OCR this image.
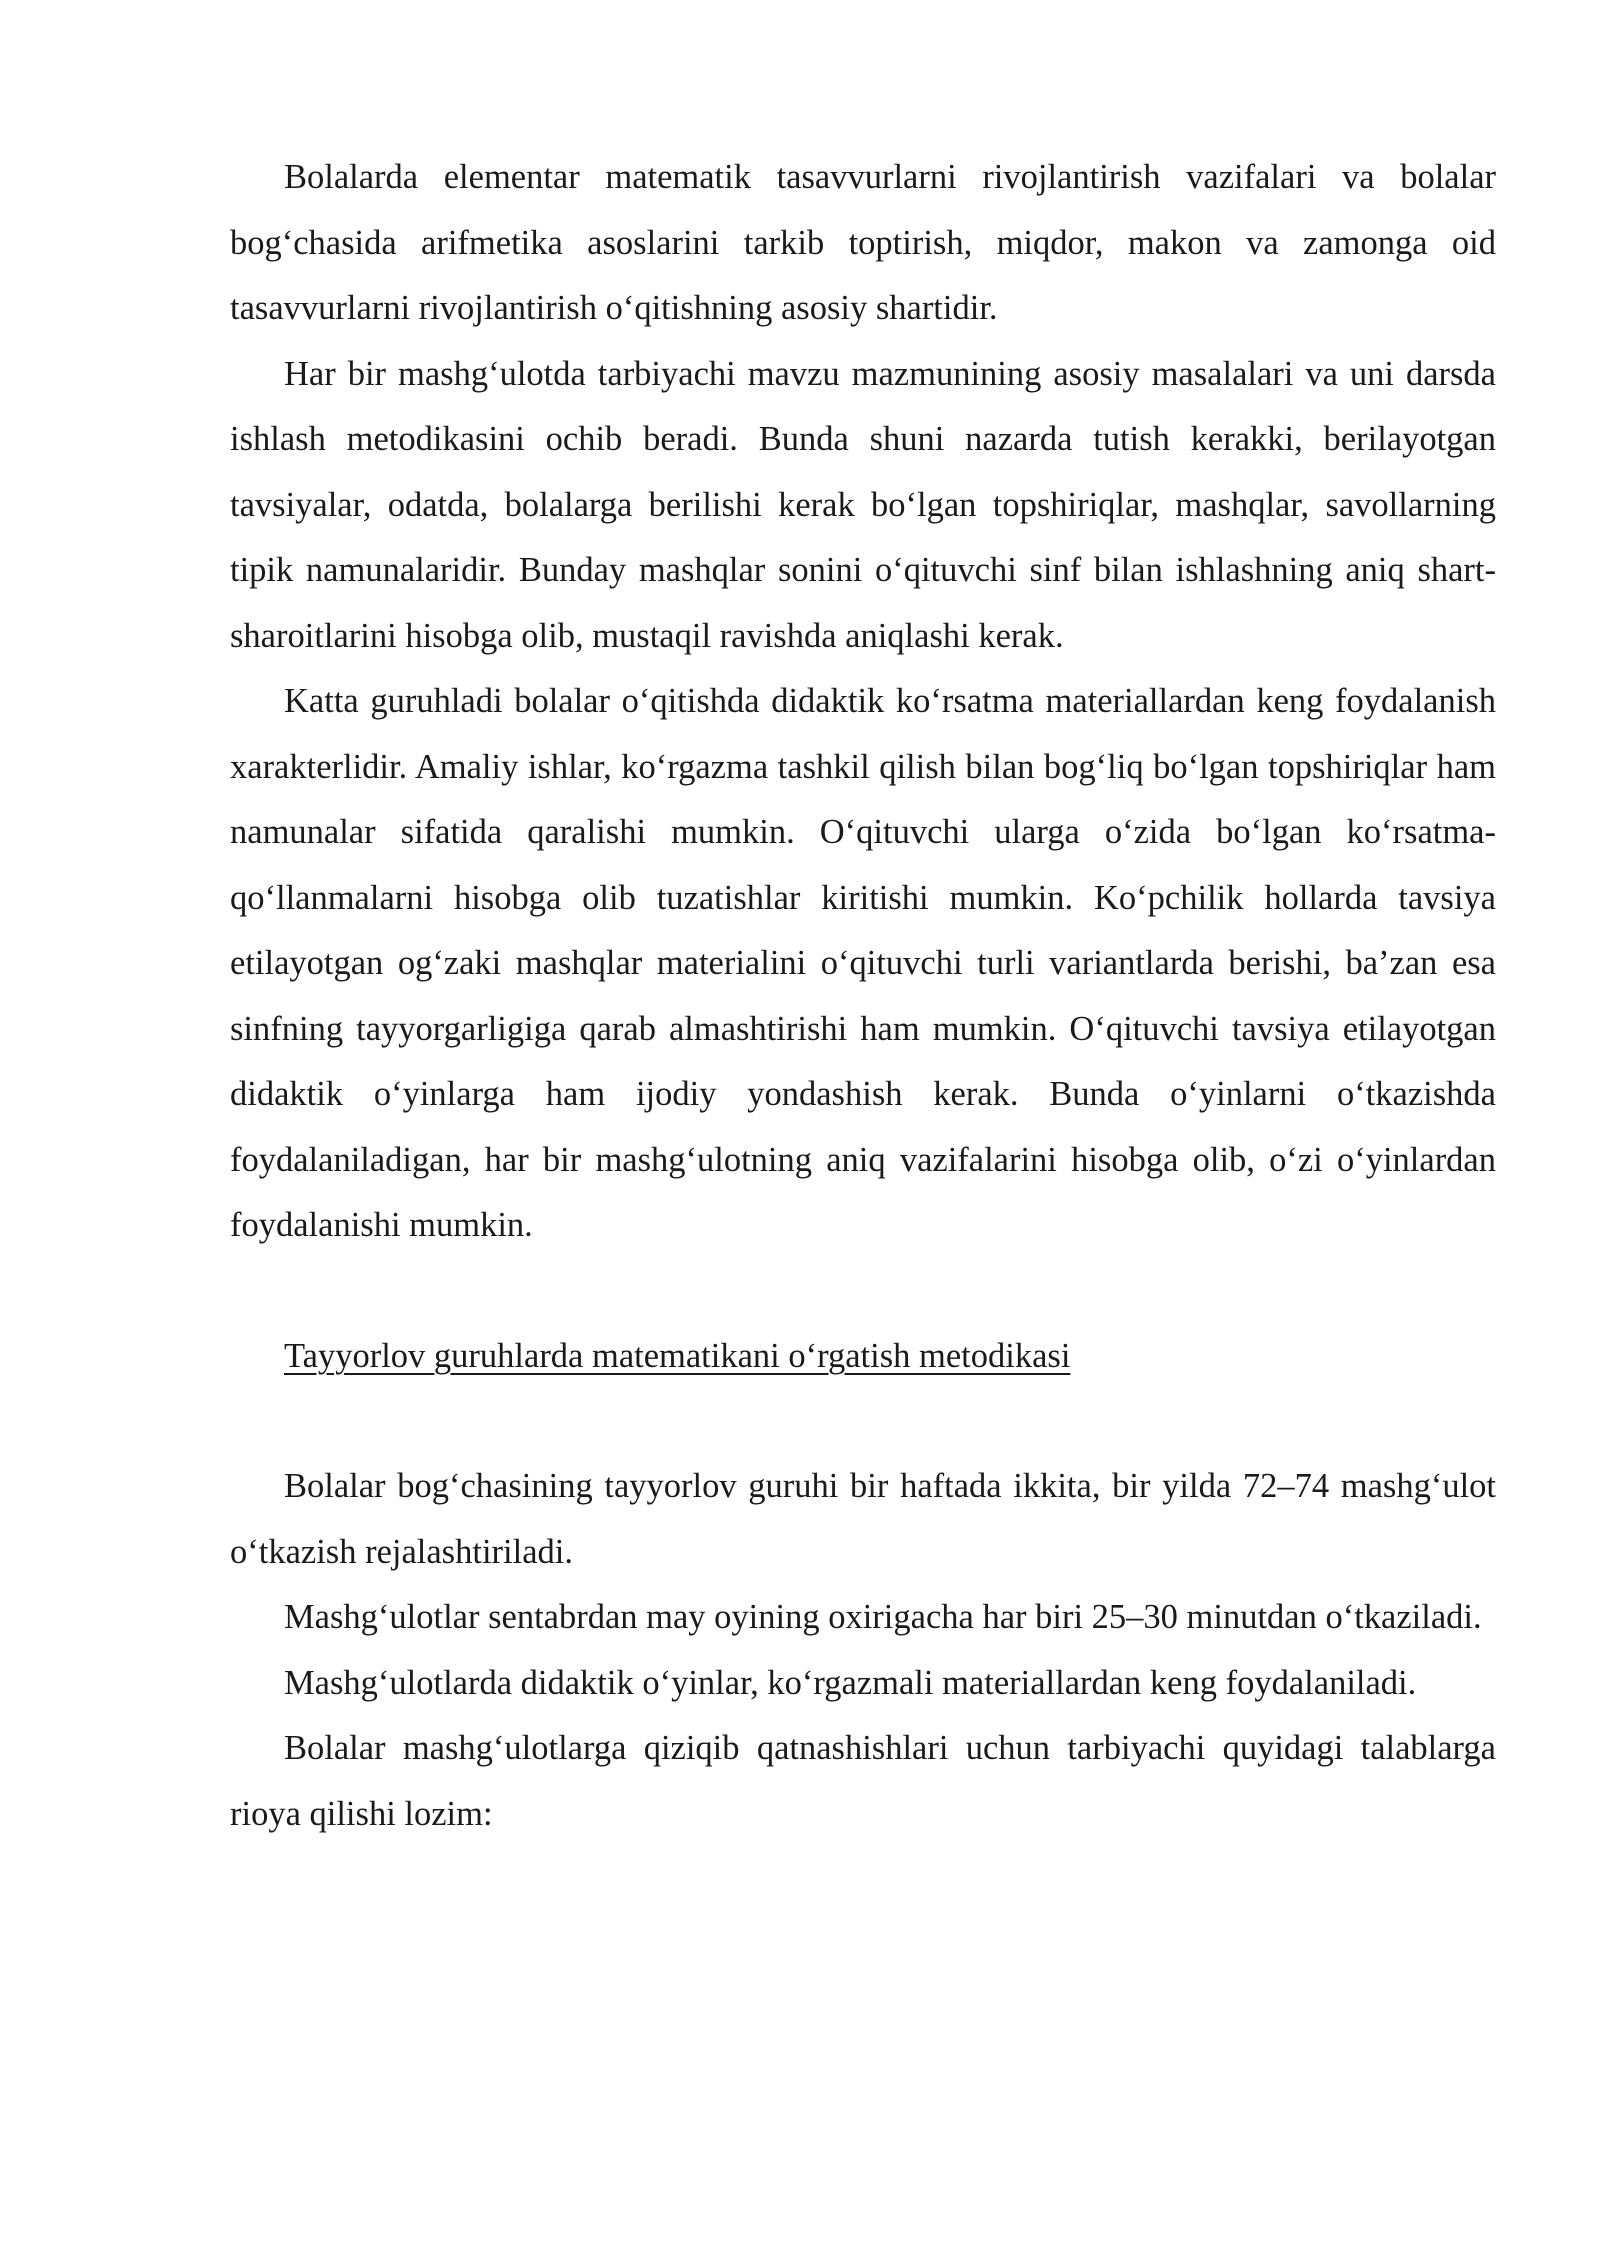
Bolalarda elementar matematik tasavvurlarni rivojlantirish vazifalari va bolalar bog‘chasida arifmetika asoslarini tarkib toptirish, miqdor, makon va zamonga oid tasavvurlarni rivojlantirish o‘qitishning asosiy shartidir.

Har bir mashg‘ulotda tarbiyachi mavzu mazmunining asosiy masalalari va uni darsda ishlash metodikasini ochib beradi. Bunda shuni nazarda tutish kerakki, berilayotgan tavsiyalar, odatda, bolalarga berilishi kerak bo‘lgan topshiriqlar, mashqlar, savollarning tipik namunalaridir. Bunday mashqlar sonini o‘qituvchi sinf bilan ishlashning aniq shart-sharoitlarini hisobga olib, mustaqil ravishda aniqlashi kerak.

Katta guruhladi bolalar o‘qitishda didaktik ko‘rsatma materiallardan keng foydalanish xarakterlidir. Amaliy ishlar, ko‘rgazma tashkil qilish bilan bog‘liq bo‘lgan topshiriqlar ham namunalar sifatida qaralishi mumkin. O‘qituvchi ularga o‘zida bo‘lgan ko‘rsatma-qo‘llanmalarni hisobga olib tuzatishlar kiritishi mumkin. Ko‘pchilik hollarda tavsiya etilayotgan og‘zaki mashqlar materialini o‘qituvchi turli variantlarda berishi, ba’zan esa sinfning tayyorgarligiga qarab almashtirishi ham mumkin. O‘qituvchi tavsiya etilayotgan didaktik o‘yinlarga ham ijodiy yondashish kerak. Bunda o‘yinlarni o‘tkazishda foydalaniladigan, har bir mashg‘ulotning aniq vazifalarini hisobga olib, o‘zi o‘yinlardan foydalanishi mumkin.

Tayyorlov guruhlarda matematikani o‘rgatish metodikasi

Bolalar bog‘chasining tayyorlov guruhi bir haftada ikkita, bir yilda 72–74 mashg‘ulot o‘tkazish rejalashtiriladi.

Mashg‘ulotlar sentabrdan may oyining oxirigacha har biri 25–30 minutdan o‘tkaziladi.

Mashg‘ulotlarda didaktik o‘yinlar, ko‘rgazmali materiallardan keng foydalaniladi.

Bolalar mashg‘ulotlarga qiziqib qatnashishlari uchun tarbiyachi quyidagi talablarga rioya qilishi lozim:
